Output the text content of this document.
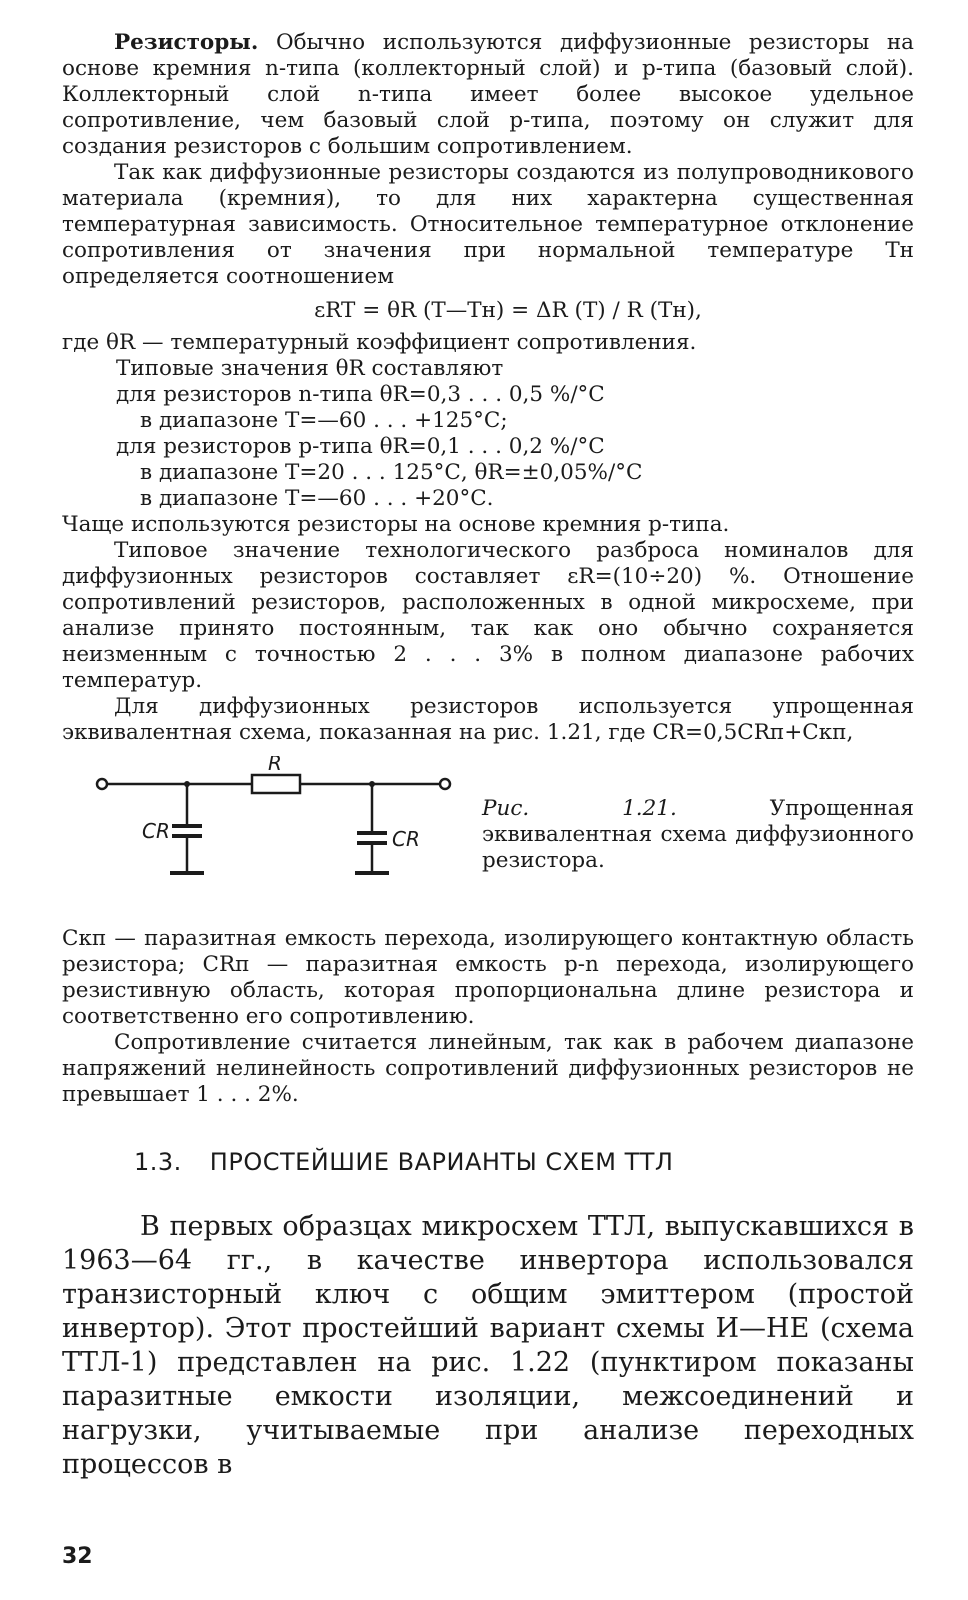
Резисторы. Обычно используются диффузионные резисторы на основе кремния n-типа (коллекторный слой) и p-типа (базовый слой). Коллекторный слой n-типа имеет более высокое удельное сопротивление, чем базовый слой p-типа, поэтому он служит для создания резисторов с большим сопротивлением.

Так как диффузионные резисторы создаются из полупроводникового материала (кремния), то для них характерна существенная температурная зависимость. Относительное температурное отклонение сопротивления от значения при нормальной температуре Tн определяется соотношением

εRT = θR (T—Tн) = ΔR (T) / R (Tн),

где θR — температурный коэффициент сопротивления.

Типовые значения θR составляют
для резисторов n-типа θR=0,3 . . . 0,5 %/°С
в диапазоне T=—60 . . . +125°С;
для резисторов p-типа θR=0,1 . . . 0,2 %/°С
в диапазоне T=20 . . . 125°С, θR=±0,05%/°С
в диапазоне T=—60 . . . +20°С.

Чаще используются резисторы на основе кремния p-типа.

Типовое значение технологического разброса номиналов для диффузионных резисторов составляет εR=(10÷20) %. Отношение сопротивлений резисторов, расположенных в одной микросхеме, при анализе принято постоянным, так как оно обычно сохраняется неизменным с точностью 2 . . . 3% в полном диапазоне рабочих температур.

Для диффузионных резисторов используется упрощенная эквивалентная схема, показанная на рис. 1.21, где CR=0,5CRп+Cкп,

R
CR	CR
Рис. 1.21. Упрощенная эквивалентная схема диффузионного резистора.

Cкп — паразитная емкость перехода, изолирующего контактную область резистора; CRп — паразитная емкость p-n перехода, изолирующего резистивную область, которая пропорциональна длине резистора и соответственно его сопротивлению.

Сопротивление считается линейным, так как в рабочем диапазоне напряжений нелинейность сопротивлений диффузионных резисторов не превышает 1 . . . 2%.

1.3. ПРОСТЕЙШИЕ ВАРИАНТЫ СХЕМ ТТЛ

В первых образцах микросхем ТТЛ, выпускавшихся в 1963—64 гг., в качестве инвертора использовался транзисторный ключ с общим эмиттером (простой инвертор). Этот простейший вариант схемы И—НЕ (схема ТТЛ-1) представлен на рис. 1.22 (пунктиром показаны паразитные емкости изоляции, межсоединений и нагрузки, учитываемые при анализе переходных процессов в

32
